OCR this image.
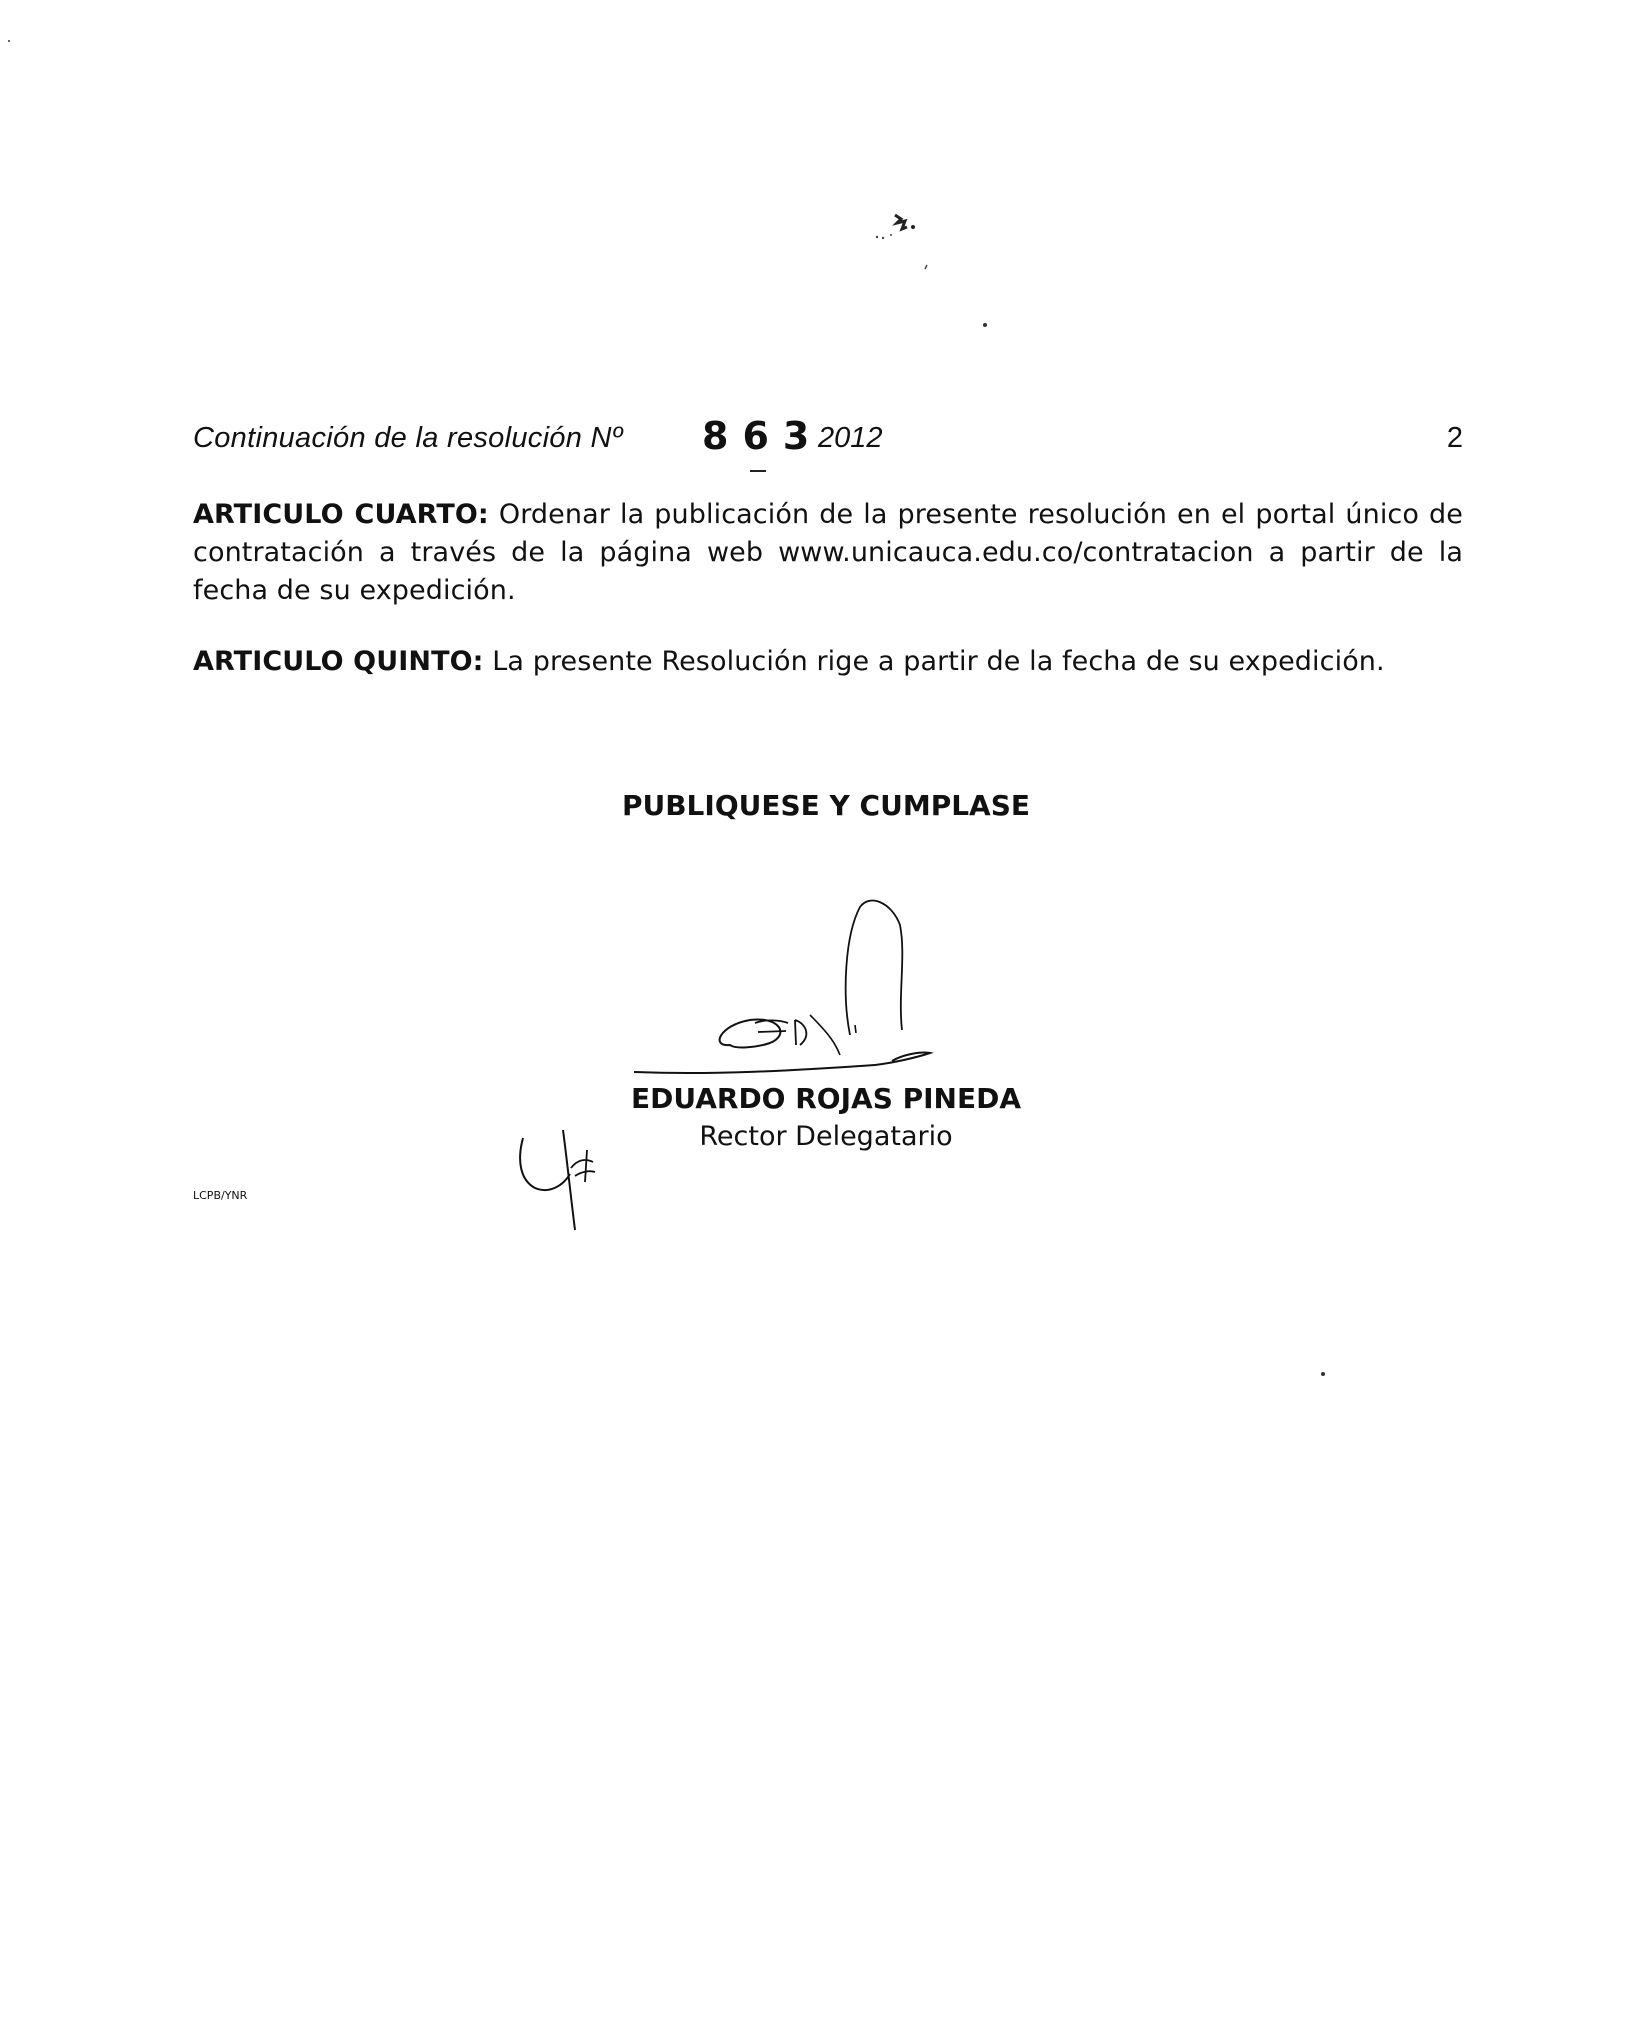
Continuación de la resolución Nº 863
2012	2
ARTICULO CUARTO: Ordenar la publicación de la presente resolución en el portal único de contratación a través de la página web www.unicauca.edu.co/contratacion a partir de la fecha de su expedición.
ARTICULO QUINTO: La presente Resolución rige a partir de la fecha de su expedición.
PUBLIQUESE Y CUMPLASE
EDUARDO ROJAS PINEDA
Rector Delegatario
LCPB/YNR
